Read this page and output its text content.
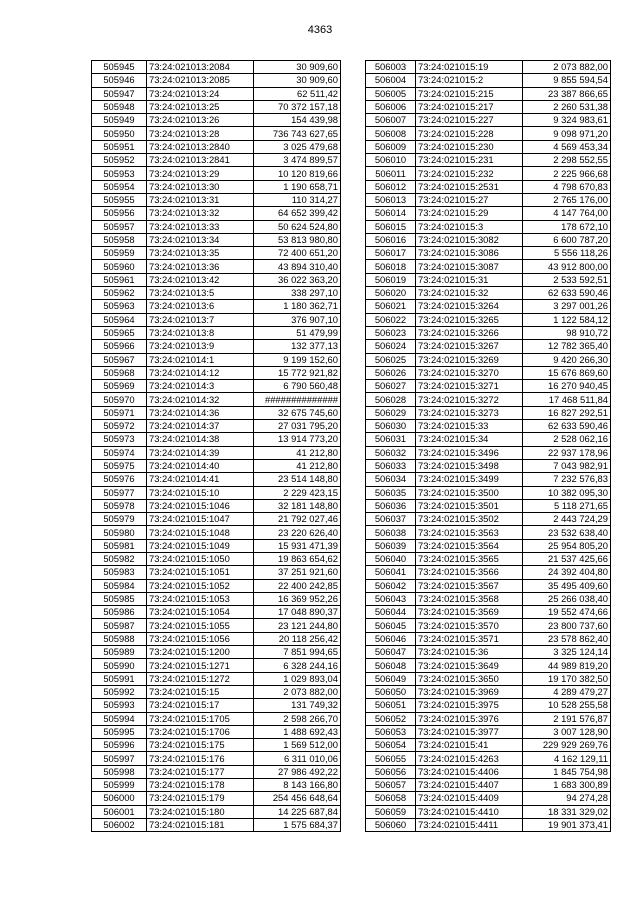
4363
505945	73:24:021013:2084	30 909,60
505946	73:24:021013:2085	30 909,60
505947	73:24:021013:24	62 511,42
505948	73:24:021013:25	70 372 157,18
505949	73:24:021013:26	154 439,98
505950	73:24:021013:28	736 743 627,65
505951	73:24:021013:2840	3 025 479,68
505952	73:24:021013:2841	3 474 899,57
505953	73:24:021013:29	10 120 819,66
505954	73:24:021013:30	1 190 658,71
505955	73:24:021013:31	110 314,27
505956	73:24:021013:32	64 652 399,42
505957	73:24:021013:33	50 624 524,80
505958	73:24:021013:34	53 813 980,80
505959	73:24:021013:35	72 400 651,20
505960	73:24:021013:36	43 894 310,40
505961	73:24:021013:42	36 022 363,20
505962	73:24:021013:5	338 297,10
505963	73:24:021013:6	1 180 362,71
505964	73:24:021013:7	376 907,10
505965	73:24:021013:8	51 479,99
505966	73:24:021013:9	132 377,13
505967	73:24:021014:1	9 199 152,60
505968	73:24:021014:12	15 772 921,82
505969	73:24:021014:3	6 790 560,48
505970	73:24:021014:32	##############
505971	73:24:021014:36	32 675 745,60
505972	73:24:021014:37	27 031 795,20
505973	73:24:021014:38	13 914 773,20
505974	73:24:021014:39	41 212,80
505975	73:24:021014:40	41 212,80
505976	73:24:021014:41	23 514 148,80
505977	73:24:021015:10	2 229 423,15
505978	73:24:021015:1046	32 181 148,80
505979	73:24:021015:1047	21 792 027,46
505980	73:24:021015:1048	23 220 626,40
505981	73:24:021015:1049	15 931 471,39
505982	73:24:021015:1050	19 863 654,62
505983	73:24:021015:1051	37 251 921,60
505984	73:24:021015:1052	22 400 242,85
505985	73:24:021015:1053	16 369 952,26
505986	73:24:021015:1054	17 048 890,37
505987	73:24:021015:1055	23 121 244,80
505988	73:24:021015:1056	20 118 256,42
505989	73:24:021015:1200	7 851 994,65
505990	73:24:021015:1271	6 328 244,16
505991	73:24:021015:1272	1 029 893,04
505992	73:24:021015:15	2 073 882,00
505993	73:24:021015:17	131 749,32
505994	73:24:021015:1705	2 598 266,70
505995	73:24:021015:1706	1 488 692,43
505996	73:24:021015:175	1 569 512,00
505997	73:24:021015:176	6 311 010,06
505998	73:24:021015:177	27 986 492,22
505999	73:24:021015:178	8 143 166,80
506000	73:24:021015:179	254 456 648,64
506001	73:24:021015:180	14 225 687,84
506002	73:24:021015:181	1 575 684,37
506003	73:24:021015:19	2 073 882,00
506004	73:24:021015:2	9 855 594,54
506005	73:24:021015:215	23 387 866,65
506006	73:24:021015:217	2 260 531,38
506007	73:24:021015:227	9 324 983,61
506008	73:24:021015:228	9 098 971,20
506009	73:24:021015:230	4 569 453,34
506010	73:24:021015:231	2 298 552,55
506011	73:24:021015:232	2 225 966,68
506012	73:24:021015:2531	4 798 670,83
506013	73:24:021015:27	2 765 176,00
506014	73:24:021015:29	4 147 764,00
506015	73:24:021015:3	178 672,10
506016	73:24:021015:3082	6 600 787,20
506017	73:24:021015:3086	5 556 118,26
506018	73:24:021015:3087	43 912 800,00
506019	73:24:021015:31	2 533 592,51
506020	73:24:021015:32	62 633 590,46
506021	73:24:021015:3264	3 297 001,26
506022	73:24:021015:3265	1 122 584,12
506023	73:24:021015:3266	98 910,72
506024	73:24:021015:3267	12 782 365,40
506025	73:24:021015:3269	9 420 266,30
506026	73:24:021015:3270	15 676 869,60
506027	73:24:021015:3271	16 270 940,45
506028	73:24:021015:3272	17 468 511,84
506029	73:24:021015:3273	16 827 292,51
506030	73:24:021015:33	62 633 590,46
506031	73:24:021015:34	2 528 062,16
506032	73:24:021015:3496	22 937 178,96
506033	73:24:021015:3498	7 043 982,91
506034	73:24:021015:3499	7 232 576,83
506035	73:24:021015:3500	10 382 095,30
506036	73:24:021015:3501	5 118 271,65
506037	73:24:021015:3502	2 443 724,29
506038	73:24:021015:3563	23 532 638,40
506039	73:24:021015:3564	25 954 805,20
506040	73:24:021015:3565	21 537 425,66
506041	73:24:021015:3566	24 392 404,80
506042	73:24:021015:3567	35 495 409,60
506043	73:24:021015:3568	25 266 038,40
506044	73:24:021015:3569	19 552 474,66
506045	73:24:021015:3570	23 800 737,60
506046	73:24:021015:3571	23 578 862,40
506047	73:24:021015:36	3 325 124,14
506048	73:24:021015:3649	44 989 819,20
506049	73:24:021015:3650	19 170 382,50
506050	73:24:021015:3969	4 289 479,27
506051	73:24:021015:3975	10 528 255,58
506052	73:24:021015:3976	2 191 576,87
506053	73:24:021015:3977	3 007 128,90
506054	73:24:021015:41	229 929 269,76
506055	73:24:021015:4263	4 162 129,11
506056	73:24:021015:4406	1 845 754,98
506057	73:24:021015:4407	1 683 300,89
506058	73:24:021015:4409	94 274,28
506059	73:24:021015:4410	18 331 329,02
506060	73:24:021015:4411	19 901 373,41
